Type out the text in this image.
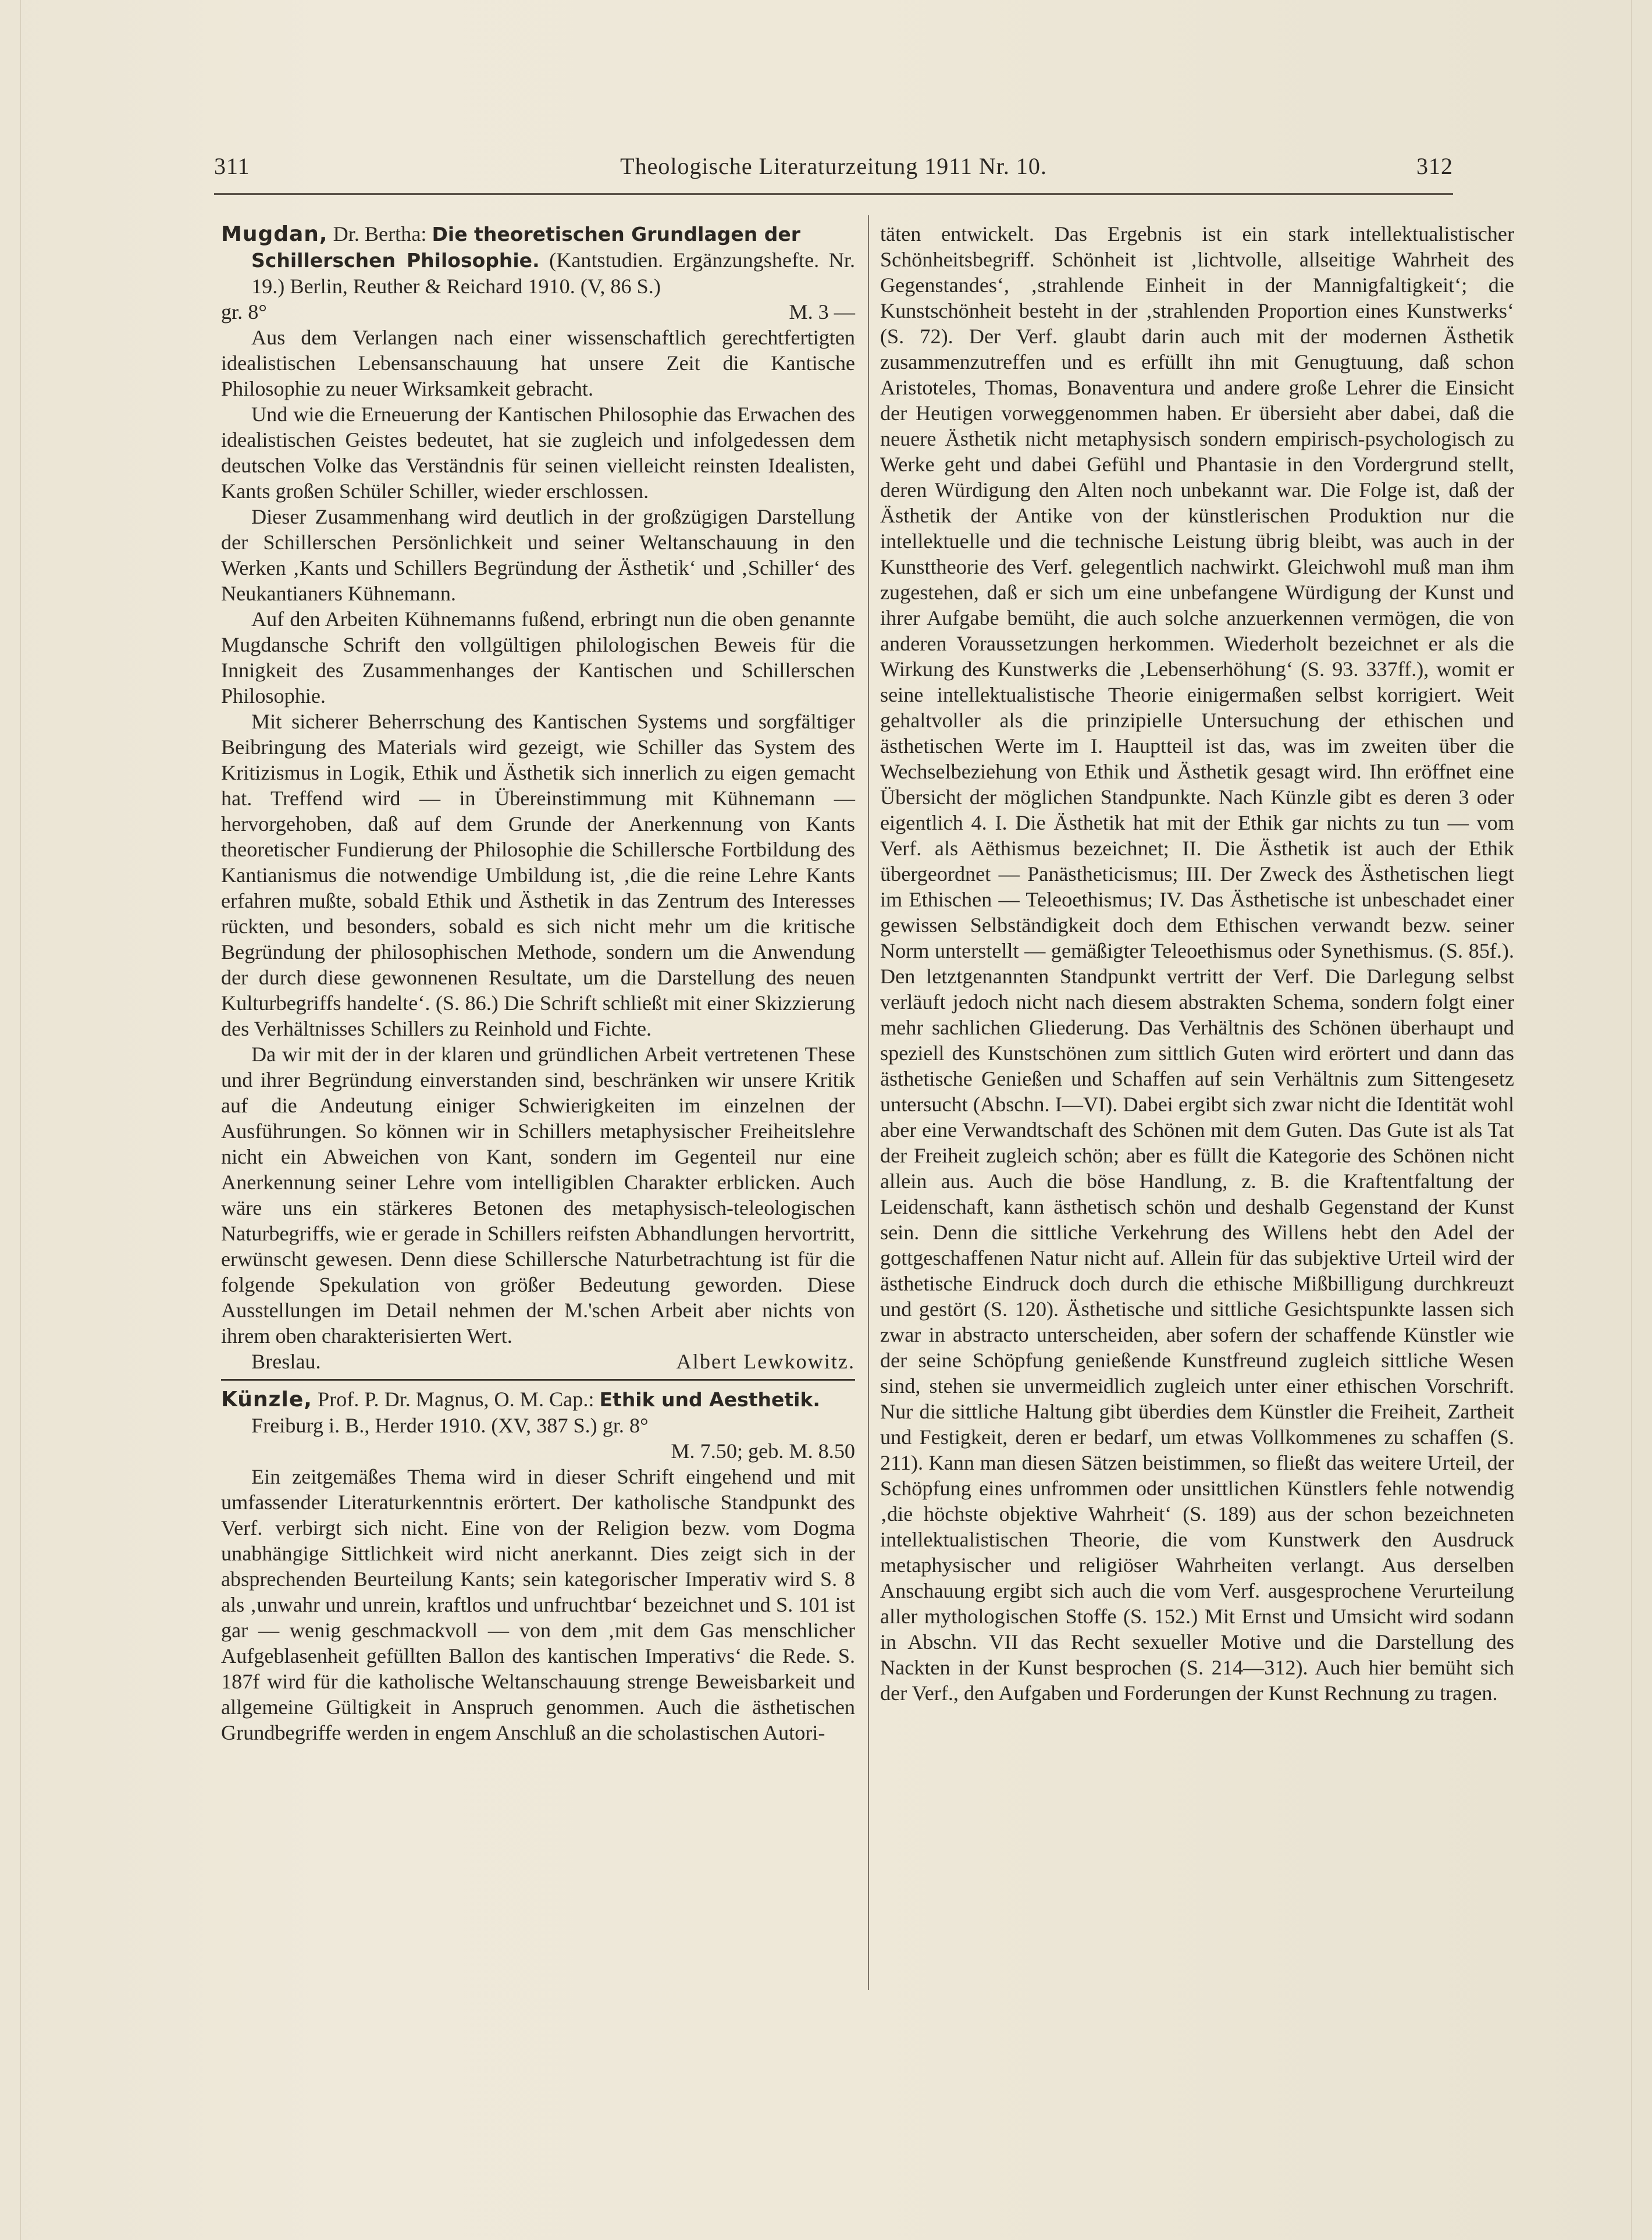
311	Theologische Literaturzeitung 1911 Nr. 10.	312
Mugdan, Dr. Bertha: Die theoretischen Grundlagen der
Schillerschen Philosophie. (Kantstudien. Ergänzungshefte. Nr. 19.) Berlin, Reuther & Reichard 1910. (V, 86 S.)
gr. 8°	M. 3 —

Aus dem Verlangen nach einer wissenschaftlich gerechtfertigten idealistischen Lebensanschauung hat unsere Zeit die Kantische Philosophie zu neuer Wirksamkeit gebracht.

Und wie die Erneuerung der Kantischen Philosophie das Erwachen des idealistischen Geistes bedeutet, hat sie zugleich und infolgedessen dem deutschen Volke das Verständnis für seinen vielleicht reinsten Idealisten, Kants großen Schüler Schiller, wieder erschlossen.

Dieser Zusammenhang wird deutlich in der großzügigen Darstellung der Schillerschen Persönlichkeit und seiner Weltanschauung in den Werken ‚Kants und Schillers Begründung der Ästhetik‘ und ‚Schiller‘ des Neukantianers Kühnemann.

Auf den Arbeiten Kühnemanns fußend, erbringt nun die oben genannte Mugdansche Schrift den vollgültigen philologischen Beweis für die Innigkeit des Zusammenhanges der Kantischen und Schillerschen Philosophie.

Mit sicherer Beherrschung des Kantischen Systems und sorgfältiger Beibringung des Materials wird gezeigt, wie Schiller das System des Kritizismus in Logik, Ethik und Ästhetik sich innerlich zu eigen gemacht hat. Treffend wird — in Übereinstimmung mit Kühnemann — hervorgehoben, daß auf dem Grunde der Anerkennung von Kants theoretischer Fundierung der Philosophie die Schillersche Fortbildung des Kantianismus die notwendige Umbildung ist, ‚die die reine Lehre Kants erfahren mußte, sobald Ethik und Ästhetik in das Zentrum des Interesses rückten, und besonders, sobald es sich nicht mehr um die kritische Begründung der philosophischen Methode, sondern um die Anwendung der durch diese gewonnenen Resultate, um die Darstellung des neuen Kulturbegriffs handelte‘. (S. 86.) Die Schrift schließt mit einer Skizzierung des Verhältnisses Schillers zu Reinhold und Fichte.

Da wir mit der in der klaren und gründlichen Arbeit vertretenen These und ihrer Begründung einverstanden sind, beschränken wir unsere Kritik auf die Andeutung einiger Schwierigkeiten im einzelnen der Ausführungen. So können wir in Schillers metaphysischer Freiheitslehre nicht ein Abweichen von Kant, sondern im Gegenteil nur eine Anerkennung seiner Lehre vom intelligiblen Charakter erblicken. Auch wäre uns ein stärkeres Betonen des metaphysisch-teleologischen Naturbegriffs, wie er gerade in Schillers reifsten Abhandlungen hervortritt, erwünscht gewesen. Denn diese Schillersche Naturbetrachtung ist für die folgende Spekulation von größer Bedeutung geworden. Diese Ausstellungen im Detail nehmen der M.'schen Arbeit aber nichts von ihrem oben charakterisierten Wert.

Breslau.	Albert Lewkowitz.
Künzle, Prof. P. Dr. Magnus, O. M. Cap.: Ethik und Aesthetik.
Freiburg i. B., Herder 1910. (XV, 387 S.) gr. 8°
M. 7.50; geb. M. 8.50

Ein zeitgemäßes Thema wird in dieser Schrift eingehend und mit umfassender Literaturkenntnis erörtert. Der katholische Standpunkt des Verf. verbirgt sich nicht. Eine von der Religion bezw. vom Dogma unabhängige Sittlichkeit wird nicht anerkannt. Dies zeigt sich in der absprechenden Beurteilung Kants; sein kategorischer Imperativ wird S. 8 als ‚unwahr und unrein, kraftlos und unfruchtbar‘ bezeichnet und S. 101 ist gar — wenig geschmackvoll — von dem ‚mit dem Gas menschlicher Aufgeblasenheit gefüllten Ballon des kantischen Imperativs‘ die Rede. S. 187f wird für die katholische Weltanschauung strenge Beweisbarkeit und allgemeine Gültigkeit in Anspruch genommen. Auch die ästhetischen Grundbegriffe werden in engem Anschluß an die scholastischen Autori-

täten entwickelt. Das Ergebnis ist ein stark intellektualistischer Schönheitsbegriff. Schönheit ist ‚lichtvolle, allseitige Wahrheit des Gegenstandes‘, ‚strahlende Einheit in der Mannigfaltigkeit‘; die Kunstschönheit besteht in der ‚strahlenden Proportion eines Kunstwerks‘ (S. 72). Der Verf. glaubt darin auch mit der modernen Ästhetik zusammenzutreffen und es erfüllt ihn mit Genugtuung, daß schon Aristoteles, Thomas, Bonaventura und andere große Lehrer die Einsicht der Heutigen vorweggenommen haben. Er übersieht aber dabei, daß die neuere Ästhetik nicht metaphysisch sondern empirisch-psychologisch zu Werke geht und dabei Gefühl und Phantasie in den Vordergrund stellt, deren Würdigung den Alten noch unbekannt war. Die Folge ist, daß der Ästhetik der Antike von der künstlerischen Produktion nur die intellektuelle und die technische Leistung übrig bleibt, was auch in der Kunsttheorie des Verf. gelegentlich nachwirkt. Gleichwohl muß man ihm zugestehen, daß er sich um eine unbefangene Würdigung der Kunst und ihrer Aufgabe bemüht, die auch solche anzuerkennen vermögen, die von anderen Voraussetzungen herkommen. Wiederholt bezeichnet er als die Wirkung des Kunstwerks die ‚Lebenserhöhung‘ (S. 93. 337ff.), womit er seine intellektualistische Theorie einigermaßen selbst korrigiert. Weit gehaltvoller als die prinzipielle Untersuchung der ethischen und ästhetischen Werte im I. Hauptteil ist das, was im zweiten über die Wechselbeziehung von Ethik und Ästhetik gesagt wird. Ihn eröffnet eine Übersicht der möglichen Standpunkte. Nach Künzle gibt es deren 3 oder eigentlich 4. I. Die Ästhetik hat mit der Ethik gar nichts zu tun — vom Verf. als Aëthismus bezeichnet; II. Die Ästhetik ist auch der Ethik übergeordnet — Panästheticismus; III. Der Zweck des Ästhetischen liegt im Ethischen — Teleoethismus; IV. Das Ästhetische ist unbeschadet einer gewissen Selbständigkeit doch dem Ethischen verwandt bezw. seiner Norm unterstellt — gemäßigter Teleoethismus oder Synethismus. (S. 85f.). Den letztgenannten Standpunkt vertritt der Verf. Die Darlegung selbst verläuft jedoch nicht nach diesem abstrakten Schema, sondern folgt einer mehr sachlichen Gliederung. Das Verhältnis des Schönen überhaupt und speziell des Kunstschönen zum sittlich Guten wird erörtert und dann das ästhetische Genießen und Schaffen auf sein Verhältnis zum Sittengesetz untersucht (Abschn. I—VI). Dabei ergibt sich zwar nicht die Identität wohl aber eine Verwandtschaft des Schönen mit dem Guten. Das Gute ist als Tat der Freiheit zugleich schön; aber es füllt die Kategorie des Schönen nicht allein aus. Auch die böse Handlung, z. B. die Kraftentfaltung der Leidenschaft, kann ästhetisch schön und deshalb Gegenstand der Kunst sein. Denn die sittliche Verkehrung des Willens hebt den Adel der gottgeschaffenen Natur nicht auf. Allein für das subjektive Urteil wird der ästhetische Eindruck doch durch die ethische Mißbilligung durchkreuzt und gestört (S. 120). Ästhetische und sittliche Gesichtspunkte lassen sich zwar in abstracto unterscheiden, aber sofern der schaffende Künstler wie der seine Schöpfung genießende Kunstfreund zugleich sittliche Wesen sind, stehen sie unvermeidlich zugleich unter einer ethischen Vorschrift. Nur die sittliche Haltung gibt überdies dem Künstler die Freiheit, Zartheit und Festigkeit, deren er bedarf, um etwas Vollkommenes zu schaffen (S. 211). Kann man diesen Sätzen beistimmen, so fließt das weitere Urteil, der Schöpfung eines unfrommen oder unsittlichen Künstlers fehle notwendig ‚die höchste objektive Wahrheit‘ (S. 189) aus der schon bezeichneten intellektualistischen Theorie, die vom Kunstwerk den Ausdruck metaphysischer und religiöser Wahrheiten verlangt. Aus derselben Anschauung ergibt sich auch die vom Verf. ausgesprochene Verurteilung aller mythologischen Stoffe (S. 152.) Mit Ernst und Umsicht wird sodann in Abschn. VII das Recht sexueller Motive und die Darstellung des Nackten in der Kunst besprochen (S. 214—312). Auch hier bemüht sich der Verf., den Aufgaben und Forderungen der Kunst Rechnung zu tragen.
